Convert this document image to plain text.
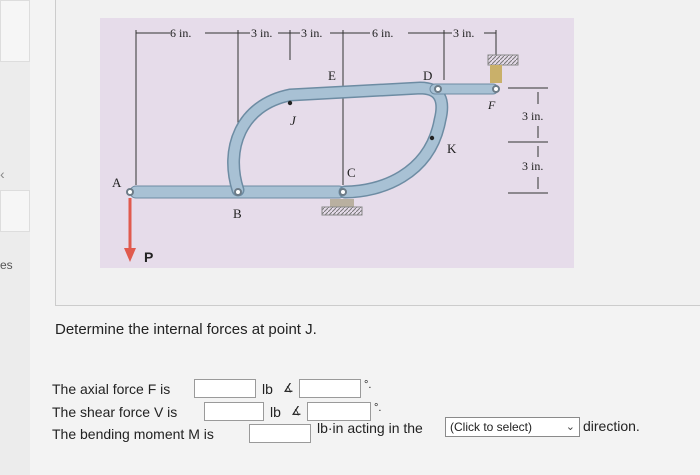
‹
es
6 in.	3 in. 3 in.	6 in.	3 in.
3 in.
3 in.
A
B
C
D
E
F
J
K
P
Determine the internal forces at point J.
The axial force F is	lb ∡	°.
The shear force V is	lb ∡	°.
The bending moment M is	lb·in acting in the	(Click to select)	⌄ direction.
